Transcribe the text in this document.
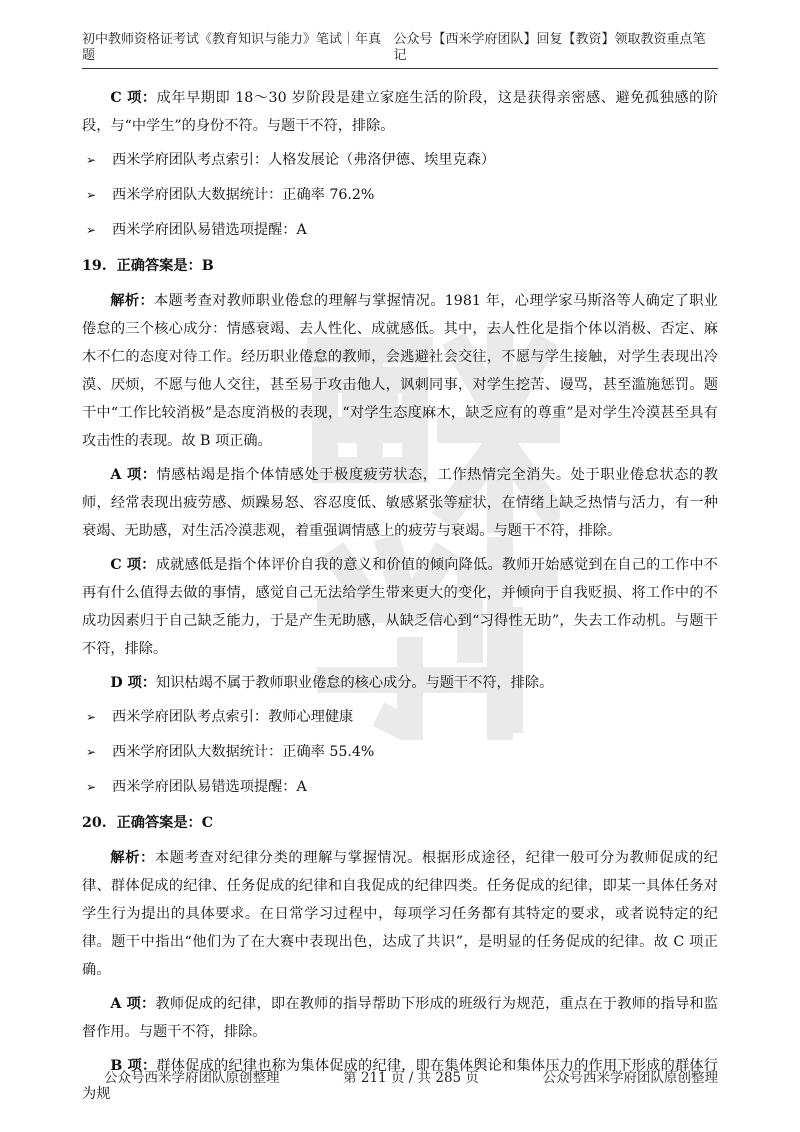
初中教师资格证考试《教育知识与能力》笔试｜年真题
公众号【西米学府团队】回复【教资】领取教资重点笔记

C 项：成年早期即 18～30 岁阶段是建立家庭生活的阶段，这是获得亲密感、避免孤独感的阶段，与“中学生”的身份不符。与题干不符，排除。

➢	西米学府团队考点索引：人格发展论（弗洛伊德、埃里克森）
➢	西米学府团队大数据统计：正确率 76.2%
➢	西米学府团队易错选项提醒：A
19. 正确答案是：B

解析：本题考查对教师职业倦怠的理解与掌握情况。1981 年，心理学家马斯洛等人确定了职业倦怠的三个核心成分：情感衰竭、去人性化、成就感低。其中，去人性化是指个体以消极、否定、麻木不仁的态度对待工作。经历职业倦怠的教师，会逃避社会交往，不愿与学生接触，对学生表现出冷漠、厌烦，不愿与他人交往，甚至易于攻击他人，讽刺同事，对学生挖苦、谩骂，甚至滥施惩罚。题干中“工作比较消极”是态度消极的表现，“对学生态度麻木，缺乏应有的尊重”是对学生冷漠甚至具有攻击性的表现。故 B 项正确。

A 项：情感枯竭是指个体情感处于极度疲劳状态，工作热情完全消失。处于职业倦怠状态的教师，经常表现出疲劳感、烦躁易怒、容忍度低、敏感紧张等症状，在情绪上缺乏热情与活力，有一种衰竭、无助感，对生活冷漠悲观，着重强调情感上的疲劳与衰竭。与题干不符，排除。

C 项：成就感低是指个体评价自我的意义和价值的倾向降低。教师开始感觉到在自己的工作中不再有什么值得去做的事情，感觉自己无法给学生带来更大的变化，并倾向于自我贬损、将工作中的不成功因素归于自己缺乏能力，于是产生无助感，从缺乏信心到“习得性无助”，失去工作动机。与题干不符，排除。

D 项：知识枯竭不属于教师职业倦怠的核心成分。与题干不符，排除。

➢	西米学府团队考点索引：教师心理健康
➢	西米学府团队大数据统计：正确率 55.4%
➢	西米学府团队易错选项提醒：A
20. 正确答案是：C

解析：本题考查对纪律分类的理解与掌握情况。根据形成途径，纪律一般可分为教师促成的纪律、群体促成的纪律、任务促成的纪律和自我促成的纪律四类。任务促成的纪律，即某一具体任务对学生行为提出的具体要求。在日常学习过程中，每项学习任务都有其特定的要求，或者说特定的纪律。题干中指出“他们为了在大赛中表现出色，达成了共识”，是明显的任务促成的纪律。故 C 项正确。

A 项：教师促成的纪律，即在教师的指导帮助下形成的班级行为规范，重点在于教师的指导和监督作用。与题干不符，排除。

B 项：群体促成的纪律也称为集体促成的纪律，即在集体舆论和集体压力的作用下形成的群体行为规

公众号西米学府团队原创整理	第 211 页 / 共 285 页	公众号西米学府团队原创整理
